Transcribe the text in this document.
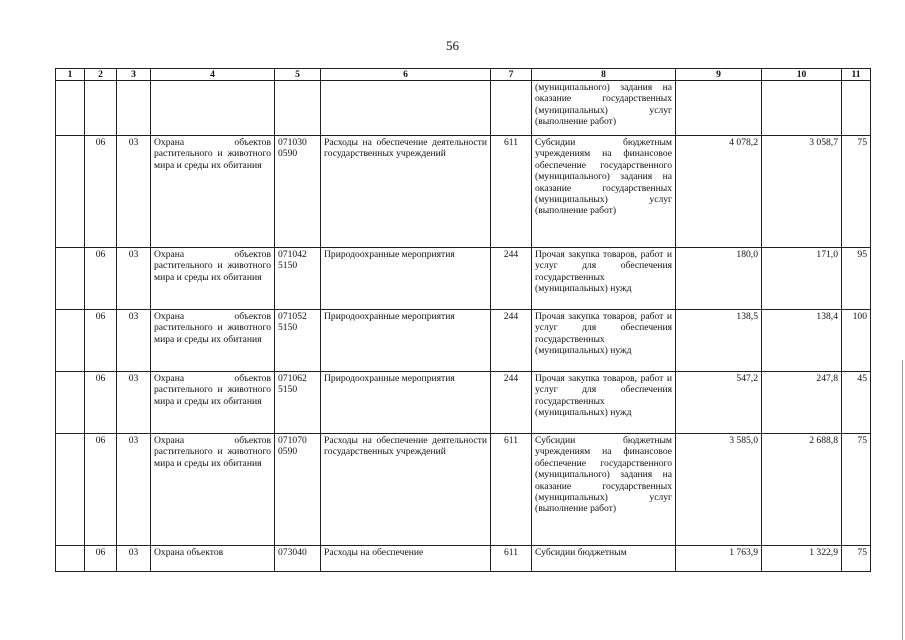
56
1	2	3	4	5	6	7	8	9	10	11
							(муниципального) задания на оказание государственных (муниципальных) услуг (выполнение работ)			
	06	03	Охрана объектов растительного и животного мира и среды их обитания	071030 0590	Расходы на обеспечение деятельности государственных учреждений	611	Субсидии бюджетным учреждениям на финансовое обеспечение государственного (муниципального) задания на оказание государственных (муниципальных) услуг (выполнение работ)	4 078,2	3 058,7	75
	06	03	Охрана объектов растительного и животного мира и среды их обитания	071042 5150	Природоохранные мероприятия	244	Прочая закупка товаров, работ и услуг для обеспечения государственных (муниципальных) нужд	180,0	171,0	95
	06	03	Охрана объектов растительного и животного мира и среды их обитания	071052 5150	Природоохранные мероприятия	244	Прочая закупка товаров, работ и услуг для обеспечения государственных (муниципальных) нужд	138,5	138,4	100
	06	03	Охрана объектов растительного и животного мира и среды их обитания	071062 5150	Природоохранные мероприятия	244	Прочая закупка товаров, работ и услуг для обеспечения государственных (муниципальных) нужд	547,2	247,8	45
	06	03	Охрана объектов растительного и животного мира и среды их обитания	071070 0590	Расходы на обеспечение деятельности государственных учреждений	611	Субсидии бюджетным учреждениям на финансовое обеспечение государственного (муниципального) задания на оказание государственных (муниципальных) услуг (выполнение работ)	3 585,0	2 688,8	75
	06	03	Охрана объектов	073040	Расходы на обеспечение	611	Субсидии бюджетным	1 763,9	1 322,9	75
